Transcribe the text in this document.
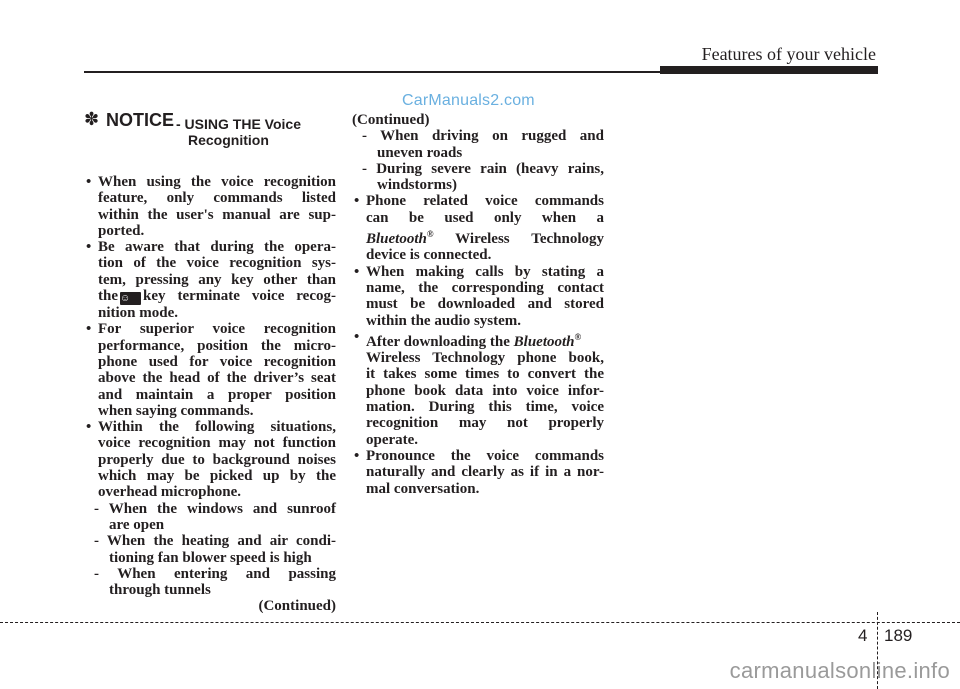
Features of your vehicle
CarManuals2.com
✽ NOTICE - USING THE Voice
Recognition
• When using the voice recognition
feature, only commands listed
within the user's manual are sup-
ported.
• Be aware that during the opera-
tion of the voice recognition sys-
tem, pressing any key other than
the ☺ key terminate voice recog-
nition mode.
• For superior voice recognition
performance, position the micro-
phone used for voice recognition
above the head of the driver’s seat
and maintain a proper position
when saying commands.
• Within the following situations,
voice recognition may not function
properly due to background noises
which may be picked up by the
overhead microphone.
- When the windows and sunroof
are open
- When the heating and air condi-
tioning fan blower speed is high
- When entering and passing
through tunnels
(Continued)
(Continued)
- When driving on rugged and
uneven roads
- During severe rain (heavy rains,
windstorms)
• Phone related voice commands
can be used only when a
Bluetooth® Wireless Technology
device is connected.
• When making calls by stating a
name, the corresponding contact
must be downloaded and stored
within the audio system.
• After downloading the Bluetooth®
Wireless Technology phone book,
it takes some times to convert the
phone book data into voice infor-
mation. During this time, voice
recognition may not properly
operate.
• Pronounce the voice commands
naturally and clearly as if in a nor-
mal conversation.
4 189
carmanualsonline.info
